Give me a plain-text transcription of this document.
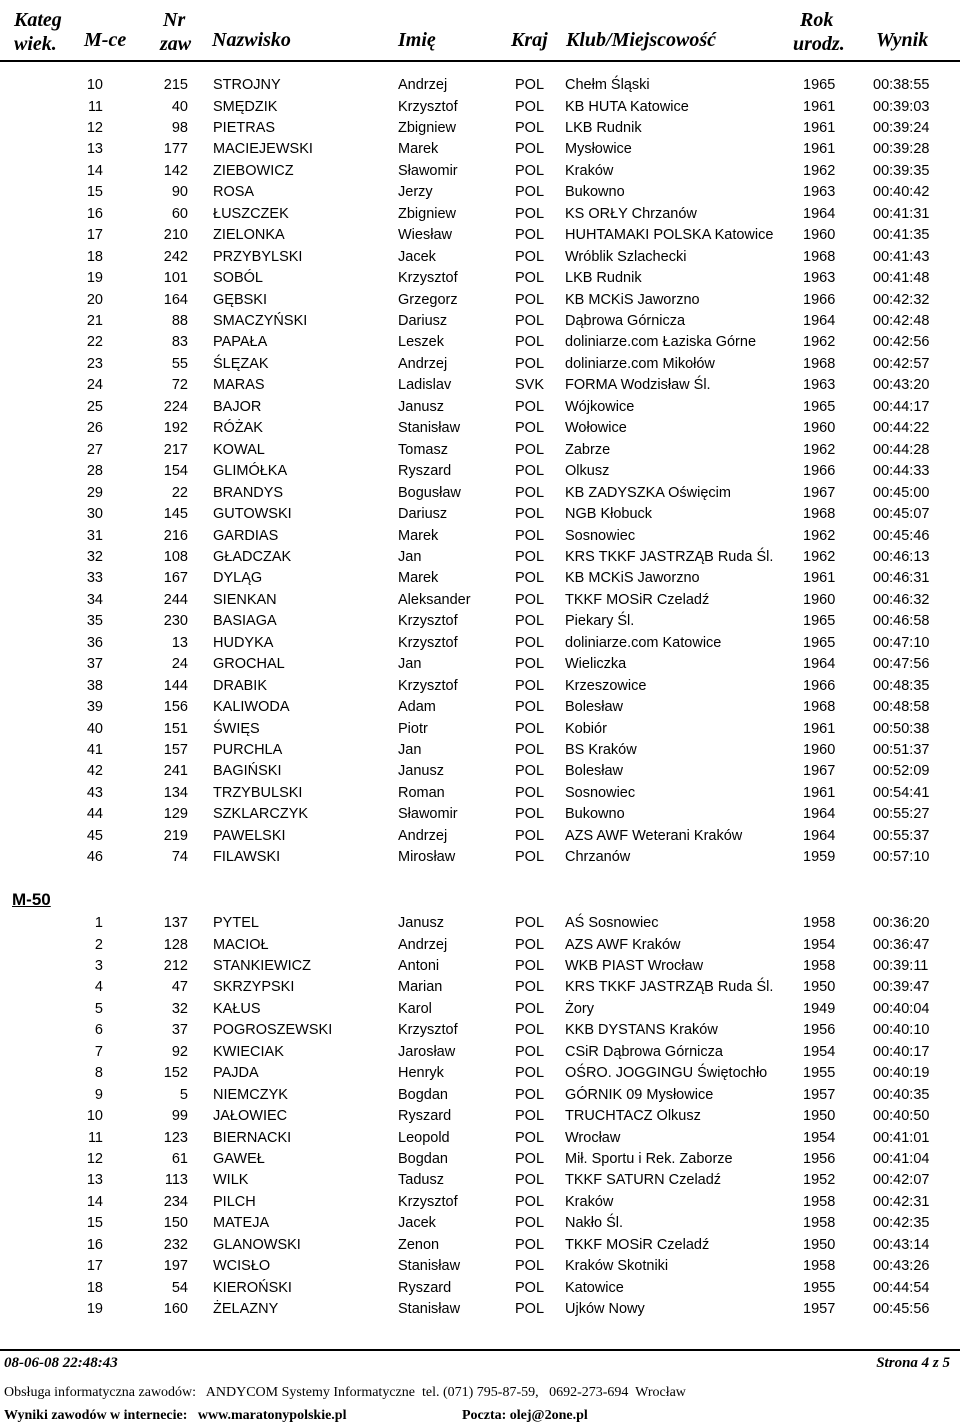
Kateg
wiek. M-ce
Nr
zaw Nazwisko	Imię	Kraj Klub/Miejscowość
Rok
urodz. Wynik
10	215 STROJNY	Andrzej	POL Chełm Śląski	1965	00:38:55
11	40 SMĘDZIK	Krzysztof	POL KB HUTA Katowice	1961	00:39:03
12	98 PIETRAS	Zbigniew	POL LKB Rudnik	1961	00:39:24
13	177 MACIEJEWSKI	Marek	POL Mysłowice	1961	00:39:28
14	142 ZIEBOWICZ	Sławomir	POL Kraków	1962	00:39:35
15	90 ROSA	Jerzy	POL Bukowno	1963	00:40:42
16	60 ŁUSZCZEK	Zbigniew	POL KS ORŁY Chrzanów	1964	00:41:31
17	210 ZIELONKA	Wiesław	POL HUHTAMAKI POLSKA Katowice 1960	00:41:35
18	242 PRZYBYLSKI	Jacek	POL Wróblik Szlachecki	1968	00:41:43
19	101 SOBÓL	Krzysztof	POL LKB Rudnik	1963	00:41:48
20	164 GĘBSKI	Grzegorz	POL KB MCKiS Jaworzno	1966	00:42:32
21	88 SMACZYŃSKI	Dariusz	POL Dąbrowa Górnicza	1964	00:42:48
22	83 PAPAŁA	Leszek	POL doliniarze.com Łaziska Górne	1962	00:42:56
23	55 ŚLĘZAK	Andrzej	POL doliniarze.com Mikołów	1968	00:42:57
24	72 MARAS	Ladislav	SVK FORMA Wodzisław Śl.	1963	00:43:20
25	224 BAJOR	Janusz	POL Wójkowice	1965	00:44:17
26	192 RÓŻAK	Stanisław	POL Wołowice	1960	00:44:22
27	217 KOWAL	Tomasz	POL Zabrze	1962	00:44:28
28	154 GLIMÓŁKA	Ryszard	POL Olkusz	1966	00:44:33
29	22 BRANDYS	Bogusław	POL KB ZADYSZKA Oświęcim	1967	00:45:00
30	145 GUTOWSKI	Dariusz	POL NGB Kłobuck	1968	00:45:07
31	216 GARDIAS	Marek	POL Sosnowiec	1962	00:45:46
32	108 GŁADCZAK	Jan	POL KRS TKKF JASTRZĄB Ruda Śl. 1962	00:46:13
33	167 DYLĄG	Marek	POL KB MCKiS Jaworzno	1961	00:46:31
34	244 SIENKAN	Aleksander	POL TKKF MOSiR Czeladź	1960	00:46:32
35	230 BASIAGA	Krzysztof	POL Piekary Śl.	1965	00:46:58
36	13 HUDYKA	Krzysztof	POL doliniarze.com Katowice	1965	00:47:10
37	24 GROCHAL	Jan	POL Wieliczka	1964	00:47:56
38	144 DRABIK	Krzysztof	POL Krzeszowice	1966	00:48:35
39	156 KALIWODA	Adam	POL Bolesław	1968	00:48:58
40	151 ŚWIĘS	Piotr	POL Kobiór	1961	00:50:38
41	157 PURCHLA	Jan	POL BS Kraków	1960	00:51:37
42	241 BAGIŃSKI	Janusz	POL Bolesław	1967	00:52:09
43	134 TRZYBULSKI	Roman	POL Sosnowiec	1961	00:54:41
44	129 SZKLARCZYK	Sławomir	POL Bukowno	1964	00:55:27
45	219 PAWELSKI	Andrzej	POL AZS AWF Weterani Kraków	1964	00:55:37
46	74 FILAWSKI	Mirosław	POL Chrzanów	1959	00:57:10
1	137 PYTEL	Janusz	POL AŚ Sosnowiec	1958	00:36:20
2	128 MACIOŁ	Andrzej	POL AZS AWF Kraków	1954	00:36:47
3	212 STANKIEWICZ	Antoni	POL WKB PIAST Wrocław	1958	00:39:11
4	47 SKRZYPSKI	Marian	POL KRS TKKF JASTRZĄB Ruda Śl. 1950	00:39:47
5	32 KAŁUS	Karol	POL Żory	1949	00:40:04
6	37 POGROSZEWSKI	Krzysztof	POL KKB DYSTANS Kraków	1956	00:40:10
7	92 KWIECIAK	Jarosław	POL CSiR Dąbrowa Górnicza	1954	00:40:17
8	152 PAJDA	Henryk	POL OŚRO. JOGGINGU Świętochło 1955	00:40:19
9	5 NIEMCZYK	Bogdan	POL GÓRNIK 09 Mysłowice	1957	00:40:35
10	99 JAŁOWIEC	Ryszard	POL TRUCHTACZ Olkusz	1950	00:40:50
11	123 BIERNACKI	Leopold	POL Wrocław	1954	00:41:01
12	61 GAWEŁ	Bogdan	POL Mił. Sportu i Rek. Zaborze	1956	00:41:04
13	113 WILK	Tadusz	POL TKKF SATURN Czeladź	1952	00:42:07
14	234 PILCH	Krzysztof	POL Kraków	1958	00:42:31
15	150 MATEJA	Jacek	POL Nakło Śl.	1958	00:42:35
16	232 GLANOWSKI	Zenon	POL TKKF MOSiR Czeladź	1950	00:43:14
17	197 WCISŁO	Stanisław	POL Kraków Skotniki	1958	00:43:26
18	54 KIEROŃSKI	Ryszard	POL Katowice	1955	00:44:54
19	160 ŻELAZNY	Stanisław	POL Ujków Nowy	1957	00:45:56
M-50
08-06-08 22:48:43	Strona 4 z 5
Obsługa informatyczna zawodów:   ANDYCOM Systemy Informatyczne  tel. (071) 795-87-59,   0692-273-694  Wrocław
Wyniki zawodów w internecie:   www.maratonypolskie.pl                                 Poczta: olej@2one.pl
